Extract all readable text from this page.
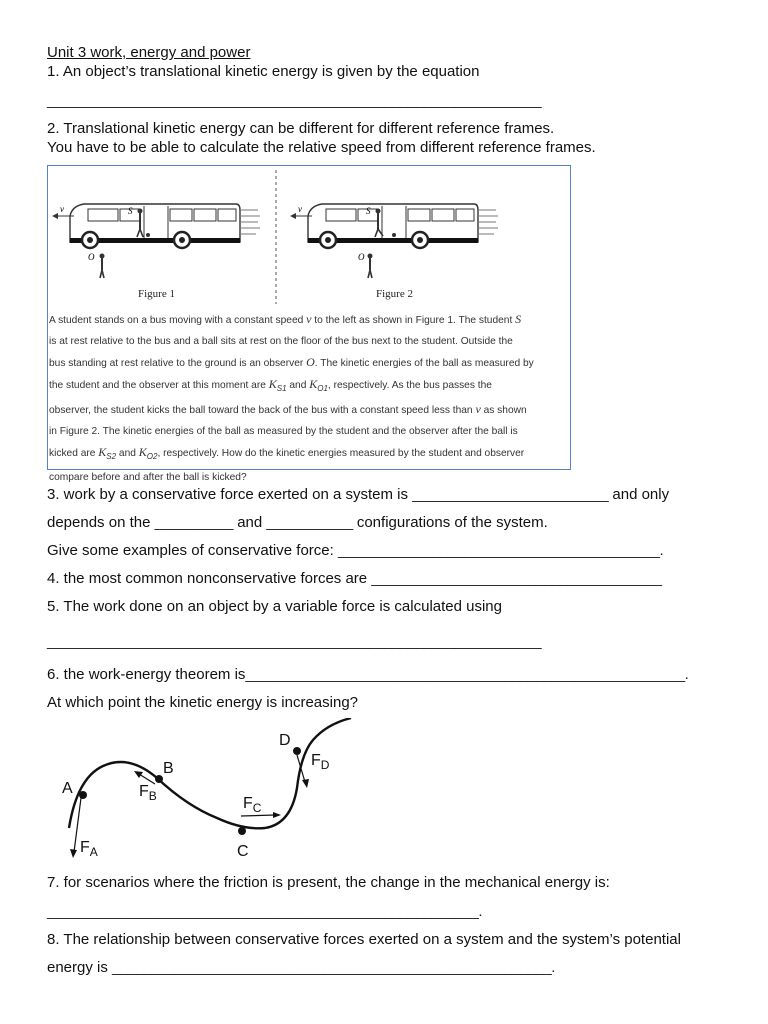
Unit 3 work, energy and power
1. An object’s translational kinetic energy is given by the equation
_______________________________________________________________
2. Translational kinetic energy can be different for different reference frames.
You have to be able to calculate the relative speed from different reference frames.
v	S
O
v	S
O
Figure 1	Figure 2
A student stands on a bus moving with a constant speed v to the left as shown in Figure 1. The student S
is at rest relative to the bus and a ball sits at rest on the floor of the bus next to the student. Outside the
bus standing at rest relative to the ground is an observer O. The kinetic energies of the ball as measured by
the student and the observer at this moment are $K_{S1}$ and $K_{O1}$, respectively. As the bus passes the
observer, the student kicks the ball toward the back of the bus with a constant speed less than v as shown
in Figure 2. The kinetic energies of the ball as measured by the student and the observer after the ball is
kicked are $K_{S2}$ and $K_{O2}$, respectively. How do the kinetic energies measured by the student and observer
compare before and after the ball is kicked?
3. work by a conservative force exerted on a system is _________________________ and only
depends on the __________ and ___________ configurations of the system.
Give some examples of conservative force: _________________________________________.
4. the most common nonconservative forces are _____________________________________
5. The work done on an object by a variable force is calculated using
_______________________________________________________________
6. the work-energy theorem is________________________________________________________.
At which point the kinetic energy is increasing?
A
B
C
D
$F_A$
$F_B$	$F_C$
$F_D$
7. for scenarios where the friction is present, the change in the mechanical energy is:
_______________________________________________________.
8. The relationship between conservative forces exerted on a system and the system’s potential
energy is ________________________________________________________.
